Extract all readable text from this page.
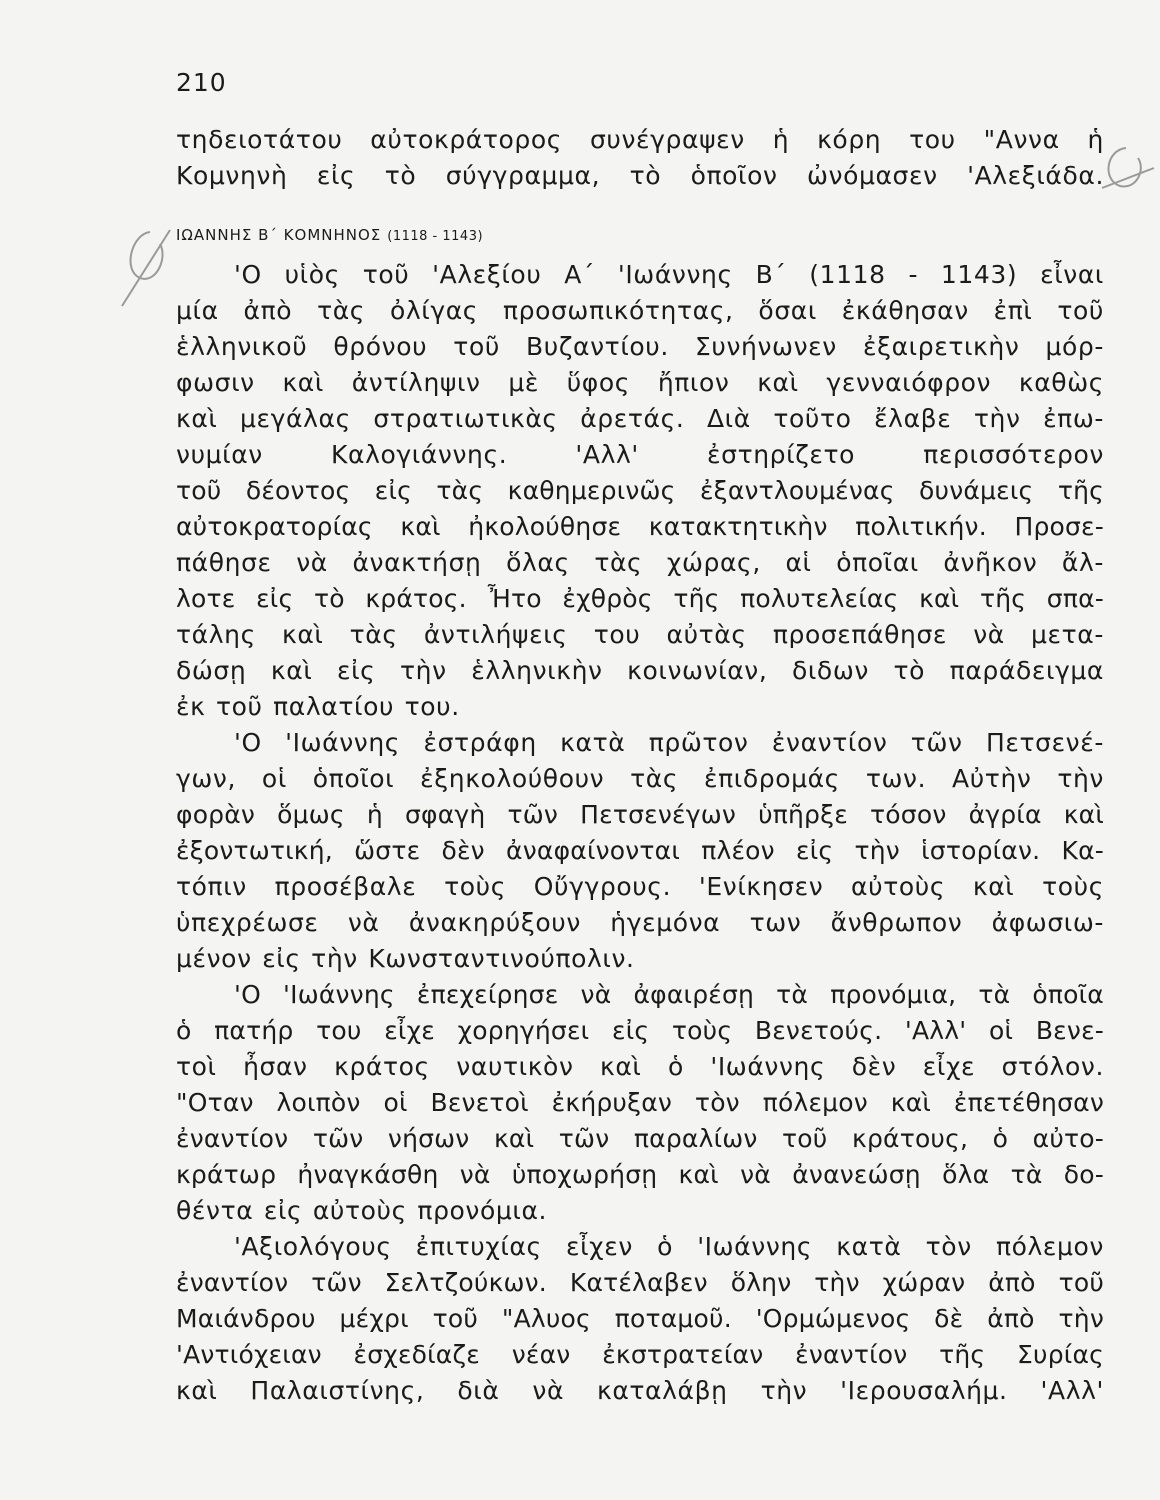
210
τηδειοτάτου αὐτοκράτορος συνέγραψεν ἡ κόρη του "Αννα ἡ
Κομνηνὴ εἰς τὸ σύγγραμμα, τὸ ὁποῖον ὠνόμασεν 'Αλεξιάδα.
ΙΩΑΝΝΗΣ Β΄ ΚΟΜΝΗΝΟΣ (1118 - 1143)
'Ο υἱὸς τοῦ 'Αλεξίου Α΄ 'Ιωάννης Β΄ (1118 - 1143) εἶναι
μία ἀπὸ τὰς ὀλίγας προσωπικότητας, ὅσαι ἐκάθησαν ἐπὶ τοῦ
ἑλληνικοῦ θρόνου τοῦ Βυζαντίου. Συνήνωνεν ἐξαιρετικὴν μόρ-
φωσιν καὶ ἀντίληψιν μὲ ὕφος ἤπιον καὶ γενναιόφρον καθὼς
καὶ μεγάλας στρατιωτικὰς ἀρετάς. Διὰ τοῦτο ἔλαβε τὴν ἐπω-
νυμίαν Καλογιάννης. 'Αλλ' ἐστηρίζετο περισσότερον
τοῦ δέοντος εἰς τὰς καθημερινῶς ἐξαντλουμένας δυνάμεις τῆς
αὐτοκρατορίας καὶ ἠκολούθησε κατακτητικὴν πολιτικήν. Προσε-
πάθησε νὰ ἀνακτήσῃ ὅλας τὰς χώρας, αἱ ὁποῖαι ἀνῆκον ἄλ-
λοτε εἰς τὸ κράτος. Ἦτο ἐχθρὸς τῆς πολυτελείας καὶ τῆς σπα-
τάλης καὶ τὰς ἀντιλήψεις του αὐτὰς προσεπάθησε νὰ μετα-
δώσῃ καὶ εἰς τὴν ἑλληνικὴν κοινωνίαν, διδων τὸ παράδειγμα
ἐκ τοῦ παλατίου του.
'Ο 'Ιωάννης ἐστράφη κατὰ πρῶτον ἐναντίον τῶν Πετσενέ-
γων, οἱ ὁποῖοι ἐξηκολούθουν τὰς ἐπιδρομάς των. Αὐτὴν τὴν
φορὰν ὅμως ἡ σφαγὴ τῶν Πετσενέγων ὑπῆρξε τόσον ἀγρία καὶ
ἐξοντωτική, ὥστε δὲν ἀναφαίνονται πλέον εἰς τὴν ἱστορίαν. Κα-
τόπιν προσέβαλε τοὺς Οὔγγρους. 'Ενίκησεν αὐτοὺς καὶ τοὺς
ὑπεχρέωσε νὰ ἀνακηρύξουν ἡγεμόνα των ἄνθρωπον ἀφωσιω-
μένον εἰς τὴν Κωνσταντινούπολιν.
'Ο 'Ιωάννης ἐπεχείρησε νὰ ἀφαιρέσῃ τὰ προνόμια, τὰ ὁποῖα
ὁ πατήρ του εἶχε χορηγήσει εἰς τοὺς Βενετούς. 'Αλλ' οἱ Βενε-
τοὶ ἦσαν κράτος ναυτικὸν καὶ ὁ 'Ιωάννης δὲν εἶχε στόλον.
"Οταν λοιπὸν οἱ Βενετοὶ ἐκήρυξαν τὸν πόλεμον καὶ ἐπετέθησαν
ἐναντίον τῶν νήσων καὶ τῶν παραλίων τοῦ κράτους, ὁ αὐτο-
κράτωρ ἠναγκάσθη νὰ ὑποχωρήσῃ καὶ νὰ ἀνανεώσῃ ὅλα τὰ δο-
θέντα εἰς αὐτοὺς προνόμια.
'Αξιολόγους ἐπιτυχίας εἶχεν ὁ 'Ιωάννης κατὰ τὸν πόλεμον
ἐναντίον τῶν Σελτζούκων. Κατέλαβεν ὅλην τὴν χώραν ἀπὸ τοῦ
Μαιάνδρου μέχρι τοῦ "Αλυος ποταμοῦ. 'Ορμώμενος δὲ ἀπὸ τὴν
'Αντιόχειαν ἐσχεδίαζε νέαν ἐκστρατείαν ἐναντίον τῆς Συρίας
καὶ Παλαιστίνης, διὰ νὰ καταλάβῃ τὴν 'Ιερουσαλήμ. 'Αλλ'
